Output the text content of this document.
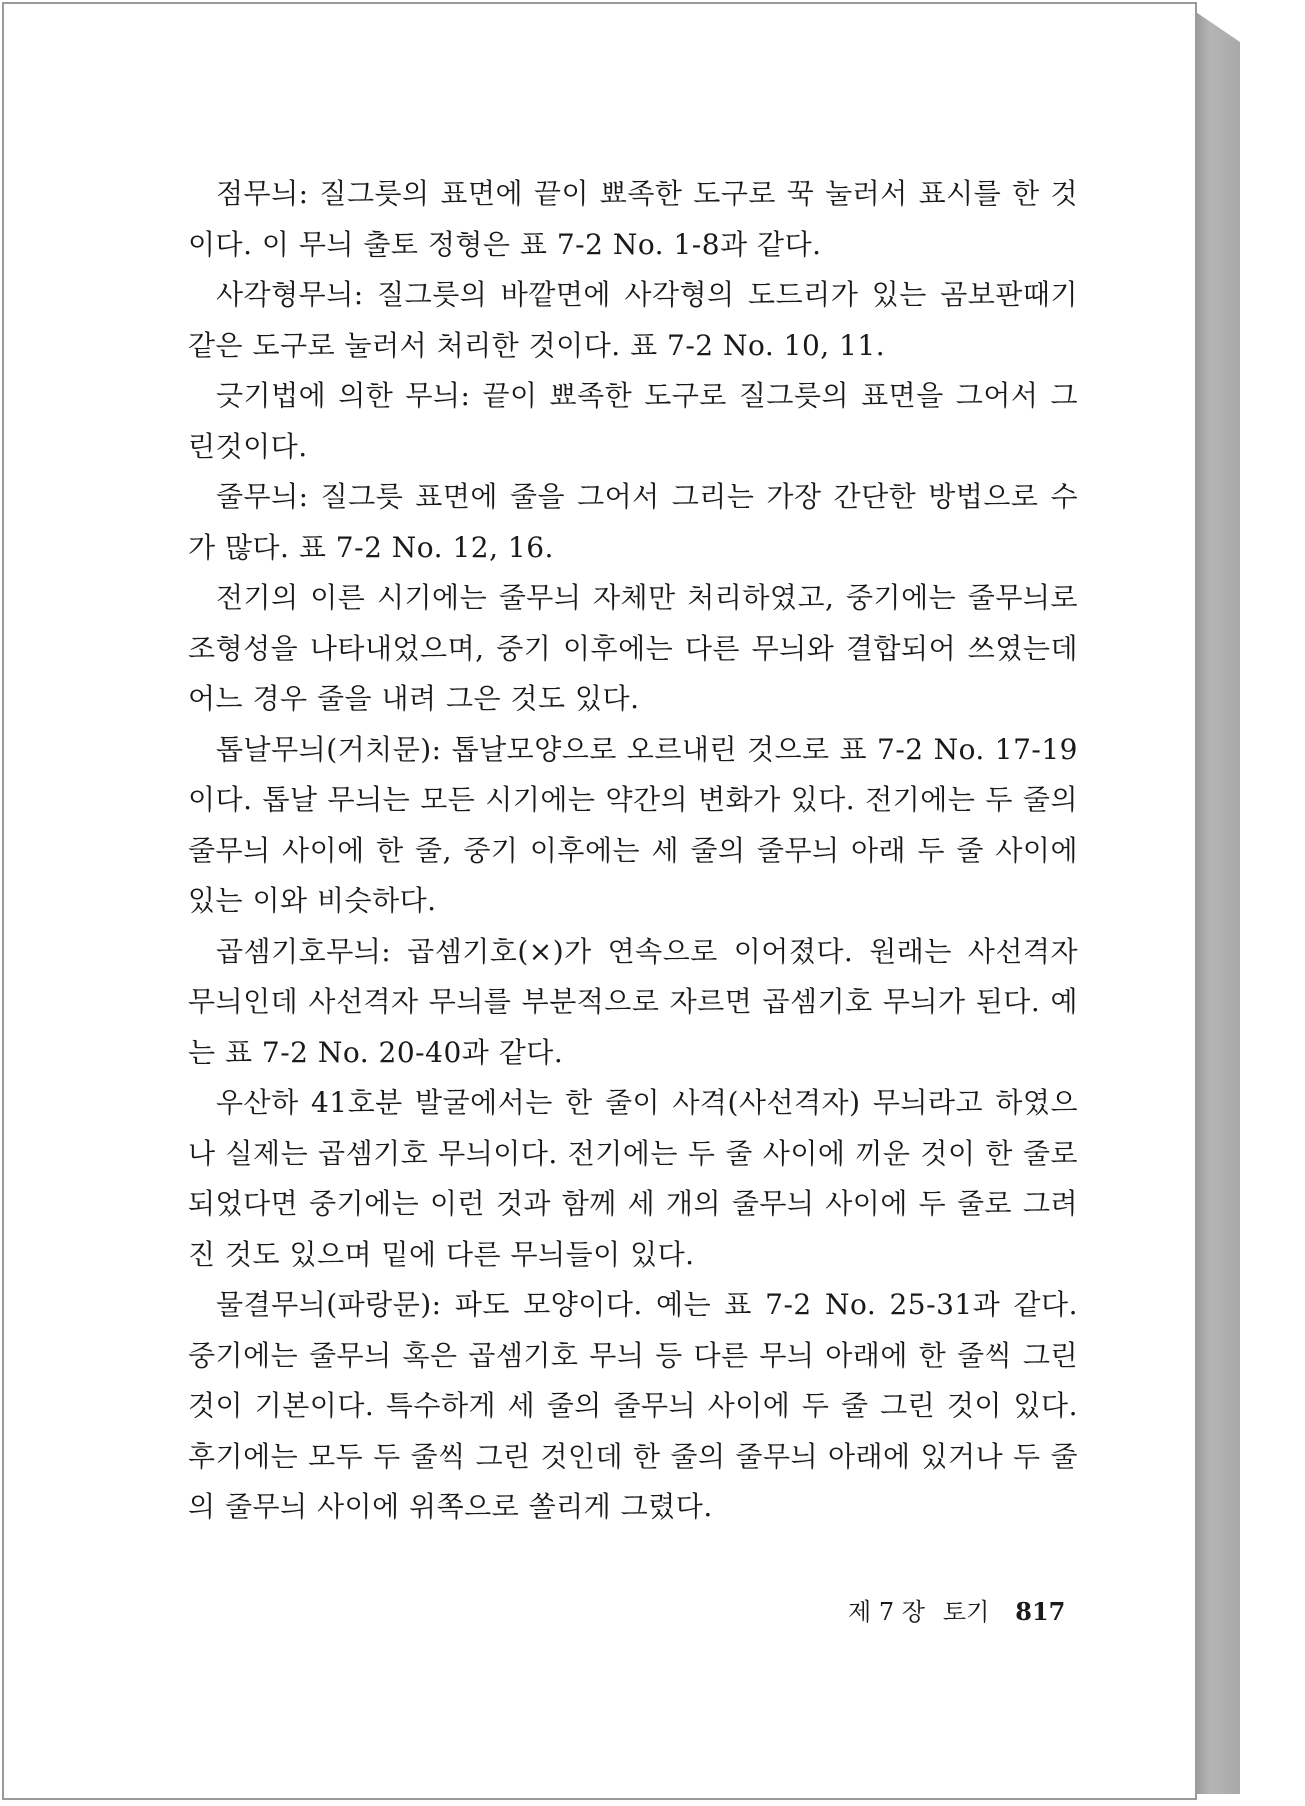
점무늬: 질그릇의 표면에 끝이 뾰족한 도구로 꾹 눌러서 표시를 한 것이다. 이 무늬 출토 정형은 표 7-2 No. 1-8과 같다.

사각형무늬: 질그릇의 바깥면에 사각형의 도드리가 있는 곰보판때기 같은 도구로 눌러서 처리한 것이다. 표 7-2 No. 10, 11.

긋기법에 의한 무늬: 끝이 뾰족한 도구로 질그릇의 표면을 그어서 그린것이다.

줄무늬: 질그릇 표면에 줄을 그어서 그리는 가장 간단한 방법으로 수가 많다. 표 7-2 No. 12, 16.

전기의 이른 시기에는 줄무늬 자체만 처리하였고, 중기에는 줄무늬로 조형성을 나타내었으며, 중기 이후에는 다른 무늬와 결합되어 쓰였는데 어느 경우 줄을 내려 그은 것도 있다.

톱날무늬(거치문): 톱날모양으로 오르내린 것으로 표 7-2 No. 17-19이다. 톱날 무늬는 모든 시기에는 약간의 변화가 있다. 전기에는 두 줄의 줄무늬 사이에 한 줄, 중기 이후에는 세 줄의 줄무늬 아래 두 줄 사이에 있는 이와 비슷하다.

곱셈기호무늬: 곱셈기호(×)가 연속으로 이어졌다. 원래는 사선격자 무늬인데 사선격자 무늬를 부분적으로 자르면 곱셈기호 무늬가 된다. 예는 표 7-2 No. 20-40과 같다.

우산하 41호분 발굴에서는 한 줄이 사격(사선격자) 무늬라고 하였으나 실제는 곱셈기호 무늬이다. 전기에는 두 줄 사이에 끼운 것이 한 줄로 되었다면 중기에는 이런 것과 함께 세 개의 줄무늬 사이에 두 줄로 그려진 것도 있으며 밑에 다른 무늬들이 있다.

물결무늬(파랑문): 파도 모양이다. 예는 표 7-2 No. 25-31과 같다. 중기에는 줄무늬 혹은 곱셈기호 무늬 등 다른 무늬 아래에 한 줄씩 그린 것이 기본이다. 특수하게 세 줄의 줄무늬 사이에 두 줄 그린 것이 있다. 후기에는 모두 두 줄씩 그린 것인데 한 줄의 줄무늬 아래에 있거나 두 줄의 줄무늬 사이에 위쪽으로 쏠리게 그렸다.

제 7 장 토기 817
